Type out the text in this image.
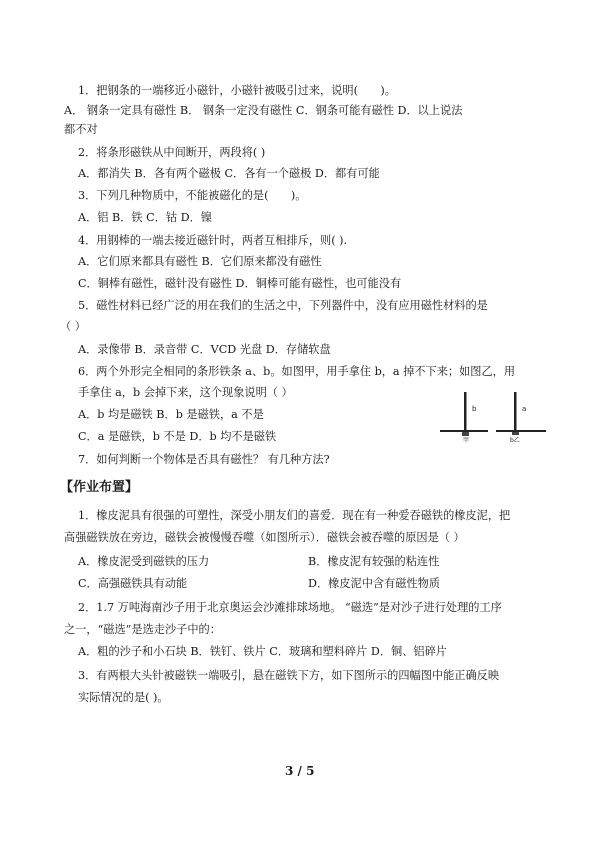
1．把钢条的一端移近小磁针，小磁针被吸引过来，说明(　　)。
A． 钢条一定具有磁性 B． 钢条一定没有磁性 C．钢条可能有磁性 D．以上说法
都不对
2．将条形磁铁从中间断开，两段将( )
A．都消失 B．各有两个磁极 C．各有一个磁极 D．都有可能
3．下列几种物质中，不能被磁化的是(　　)。
A．铝 B．铁 C．钴 D．镍
4．用钢棒的一端去接近磁针时，两者互相排斥，则( ).
A．它们原来都具有磁性 B．它们原来都没有磁性
C．铜棒有磁性，磁针没有磁性 D．铜棒可能有磁性，也可能没有
5．磁性材料已经广泛的用在我们的生活之中，下列器件中，没有应用磁性材料的是
（ ）
A．录像带 B．录音带 C．VCD 光盘 D．存储软盘
6．两个外形完全相同的条形铁条 a、b。如图甲，用手拿住 b，a 掉不下来；如图乙，用
手拿住 a，b 会掉下来，这个现象说明（ ）
A．b 均是磁铁 B．b 是磁铁，a 不是
C．a 是磁铁，b 不是 D．b 均不是磁铁
7．如何判断一个物体是否具有磁性？ 有几种方法?
b
甲
a
b乙
【作业布置】
1．橡皮泥具有很强的可塑性，深受小朋友们的喜爱．现在有一种爱吞磁铁的橡皮泥，把
高强磁铁放在旁边，磁铁会被慢慢吞噬（如图所示）．磁铁会被吞噬的原因是（ ）
A．橡皮泥受到磁铁的压力	B．橡皮泥有较强的粘连性
C．高强磁铁具有动能	D．橡皮泥中含有磁性物质
2．1.7 万吨海南沙子用于北京奥运会沙滩排球场地。 “磁选”是对沙子进行处理的工序
之一，“磁选”是选走沙子中的：
A．粗的沙子和小石块 B．铁钉、铁片 C．玻璃和塑料碎片 D．铜、铝碎片
3．有两根大头针被磁铁一端吸引，悬在磁铁下方，如下图所示的四幅图中能正确反映
实际情况的是( )。
3 / 5
